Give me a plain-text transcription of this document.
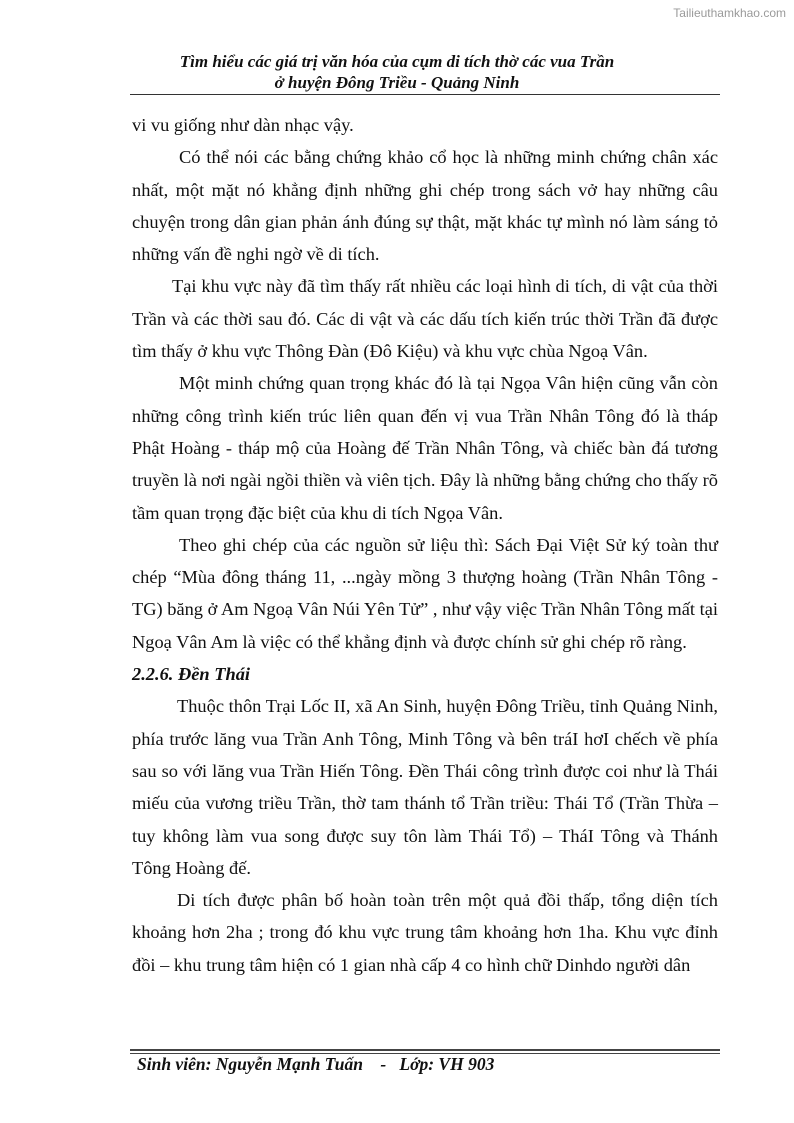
Tailieuthamkhao.com
Tìm hiểu các giá trị văn hóa của cụm di tích thờ các vua Trần
ở huyện Đông Triều - Quảng Ninh

vi vu giống như dàn nhạc vậy.

Có thể nói các bằng chứng khảo cổ học là những minh chứng chân xác nhất, một mặt nó khẳng định những ghi chép trong sách vở hay những câu chuyện trong dân gian phản ánh đúng sự thật, mặt khác tự mình nó làm sáng tỏ những vấn đề nghi ngờ về di tích.

Tại khu vực này đã tìm thấy rất nhiều các loại hình di tích, di vật của thời Trần và các thời sau đó. Các di vật và các dấu tích kiến trúc thời Trần đã được tìm thấy ở khu vực Thông Đàn (Đô Kiệu) và khu vực chùa Ngoạ Vân.

Một minh chứng quan trọng khác đó là tại Ngọa Vân hiện cũng vẫn còn những công trình kiến trúc liên quan đến vị vua Trần Nhân Tông đó là tháp Phật Hoàng - tháp mộ của Hoàng đế Trần Nhân Tông, và chiếc bàn đá tương truyền là nơi ngài ngồi thiền và viên tịch. Đây là những bằng chứng cho thấy rõ tầm quan trọng đặc biệt của khu di tích Ngọa Vân.

Theo ghi chép của các nguồn sử liệu thì: Sách Đại Việt Sử ký toàn thư chép “Mùa đông tháng 11, ...ngày mồng 3 thượng hoàng (Trần Nhân Tông - TG) băng ở Am Ngoạ Vân Núi Yên Tử” , như vậy việc Trần Nhân Tông mất tại Ngoạ Vân Am là việc có thể khẳng định và được chính sử ghi chép rõ ràng.

2.2.6. Đền Thái

Thuộc thôn Trại Lốc II, xã An Sinh, huyện Đông Triều, tỉnh Quảng Ninh, phía trước lăng vua Trần Anh Tông, Minh Tông và bên tráI hơI chếch về phía sau so với lăng vua Trần Hiến Tông. Đền Thái công trình được coi như là Thái miếu của vương triều Trần, thờ tam thánh tổ Trần triều: Thái Tổ (Trần Thừa – tuy không làm vua song được suy tôn làm Thái Tổ) – TháI Tông và Thánh Tông Hoàng đế.

Di tích được phân bố hoàn toàn trên một quả đồi thấp, tổng diện tích khoảng hơn 2ha ; trong đó khu vực trung tâm khoảng hơn 1ha. Khu vực đỉnh đồi – khu trung tâm hiện có 1 gian nhà cấp 4 co hình chữ Dinhdo người dân

Sinh viên: Nguyễn Mạnh Tuấn    -   Lớp: VH 903
